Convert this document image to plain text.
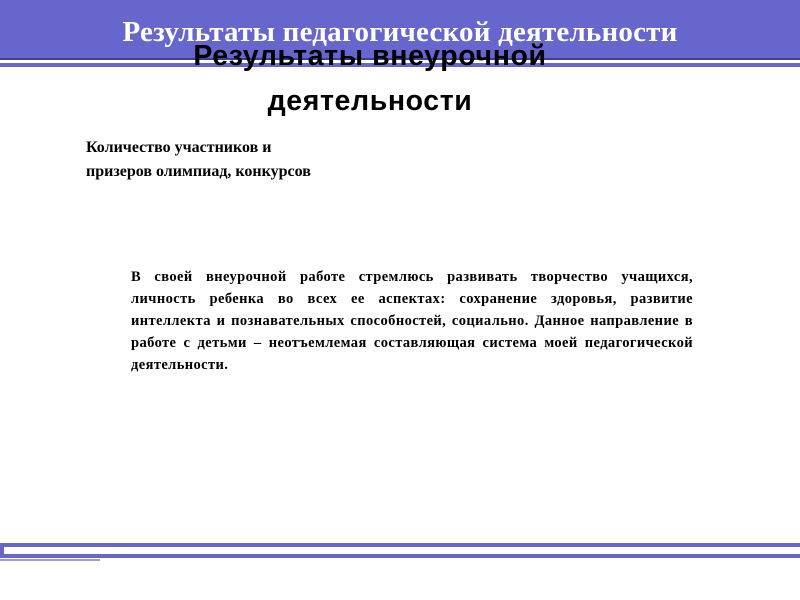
Результаты педагогической деятельности
Результаты внеурочной деятельности
Количество участников и призеров олимпиад, конкурсов
В своей внеурочной работе стремлюсь развивать творчество учащихся, личность ребенка во всех ее аспектах: сохранение здоровья, развитие интеллекта и познавательных способностей, социально. Данное направление в работе с детьми – неотъемлемая составляющая система моей педагогической деятельности.
